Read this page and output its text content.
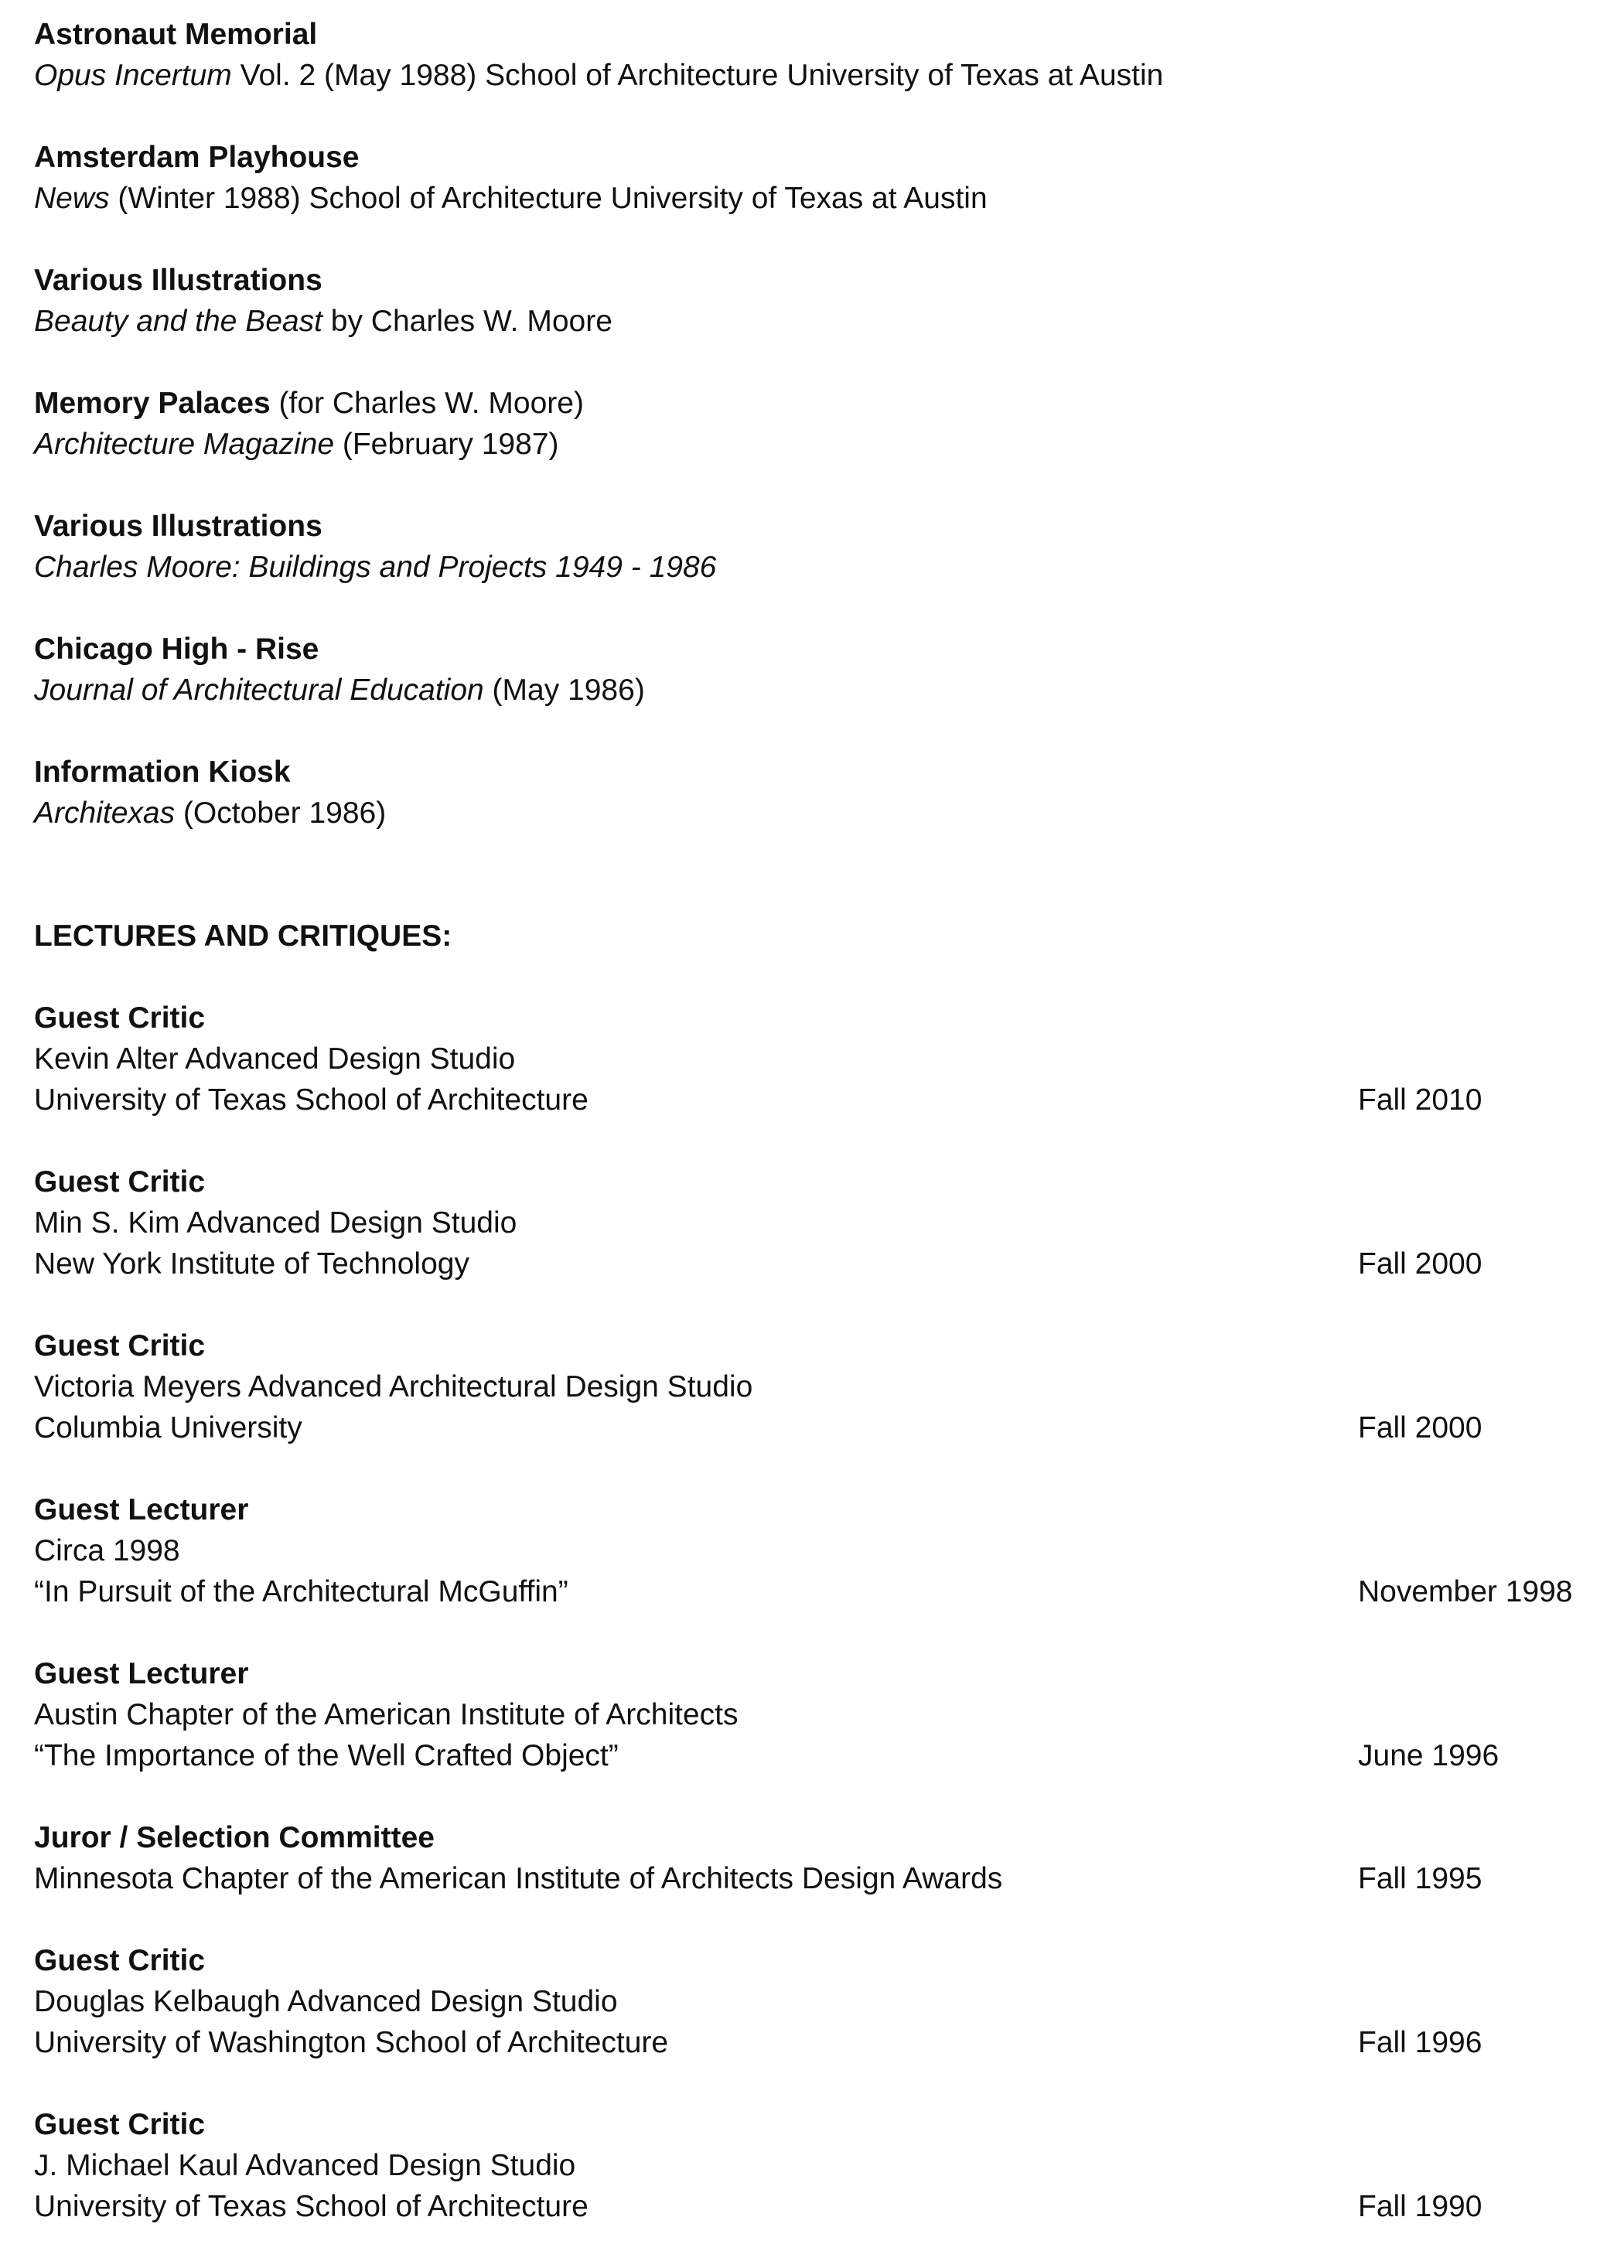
Astronaut Memorial
Opus Incertum Vol. 2 (May 1988) School of Architecture University of Texas at Austin
Amsterdam Playhouse
News (Winter 1988) School of Architecture University of Texas at Austin
Various Illustrations
Beauty and the Beast by Charles W. Moore
Memory Palaces (for Charles W. Moore)
Architecture Magazine (February 1987)
Various Illustrations
Charles Moore: Buildings and Projects 1949 - 1986
Chicago High - Rise
Journal of Architectural Education (May 1986)
Information Kiosk
Architexas (October 1986)
LECTURES AND CRITIQUES:
Guest Critic
Kevin Alter Advanced Design Studio
University of Texas School of Architecture	Fall 2010
Guest Critic
Min S. Kim Advanced Design Studio
New York Institute of Technology	Fall 2000
Guest Critic
Victoria Meyers Advanced Architectural Design Studio
Columbia University	Fall 2000
Guest Lecturer
Circa 1998
“In Pursuit of the Architectural McGuffin”	November 1998
Guest Lecturer
Austin Chapter of the American Institute of Architects
“The Importance of the Well Crafted Object”	June 1996
Juror / Selection Committee
Minnesota Chapter of the American Institute of Architects Design Awards	Fall 1995
Guest Critic
Douglas Kelbaugh Advanced Design Studio
University of Washington School of Architecture	Fall 1996
Guest Critic
J. Michael Kaul Advanced Design Studio
University of Texas School of Architecture	Fall 1990
